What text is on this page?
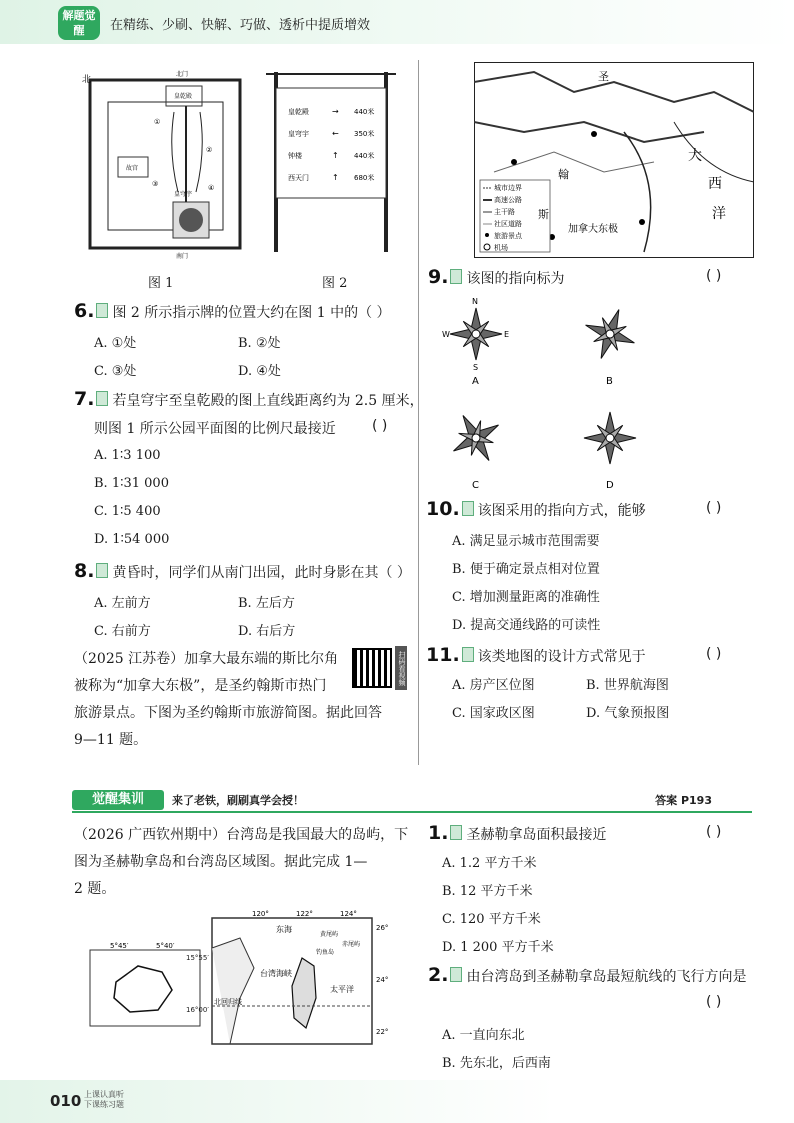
解题觉醒	在精练、少刷、快解、巧做、透析中提质增效
北
皇乾殿
皇穹宇
①
②
③	④
北门
南门
故宫
图 1
皇乾殿	→ 440米
皇穹宇	← 350米
钟楼	↑ 440米
西天门	↑ 680米
图 2
6. 图 2 所示指示牌的位置大约在图 1 中的（ ）
A. ①处	B. ②处
C. ③处	D. ④处
7. 若皇穹宇至皇乾殿的图上直线距离约为 2.5 厘米，
则图 1 所示公园平面图的比例尺最接近	( )
A. 1∶3 100
B. 1∶31 000
C. 1∶5 400
D. 1∶54 000
8. 黄昏时，同学们从南门出园，此时身影在其（ ）
A. 左前方	B. 左后方
C. 右前方	D. 右后方
（2025 江苏卷）加拿大最东端的斯比尔角
被称为“加拿大东极”，是圣约翰斯市热门
旅游景点。下图为圣约翰斯市旅游简图。据此回答
9—11 题。
扫码看视频
圣
大
西
洋
斯
翰
加拿大东极
城市边界
高速公路
主干路
社区道路
旅游景点
机场
9. 该图的指向标为	( )
N
S
W	E
A	B
C	D
10. 该图采用的指向方式，能够	( )
A. 满足显示城市范围需要
B. 便于确定景点相对位置
C. 增加测量距离的准确性
D. 提高交通线路的可读性
11. 该类地图的设计方式常见于	( )
A. 房产区位图	B. 世界航海图
C. 国家政区图	D. 气象预报图
觉醒集训	来了老铁，刷刷真学会授！	答案 P193
（2026 广西钦州期中）台湾岛是我国最大的岛屿，下
图为圣赫勒拿岛和台湾岛区域图。据此完成 1—
2 题。
5°45′	5°40′
15°55′
16°00′
120°	122°	124°
26°
24°
22°
东海
台湾海峡
太平洋
北回归线
黄尾屿
赤尾屿
钓鱼岛
1. 圣赫勒拿岛面积最接近	( )
A. 1.2 平方千米
B. 12 平方千米
C. 120 平方千米
D. 1 200 平方千米
2. 由台湾岛到圣赫勒拿岛最短航线的飞行方向是
( )
A. 一直向东北
B. 先东北，后西南
010 上课认真听
下课练习题
